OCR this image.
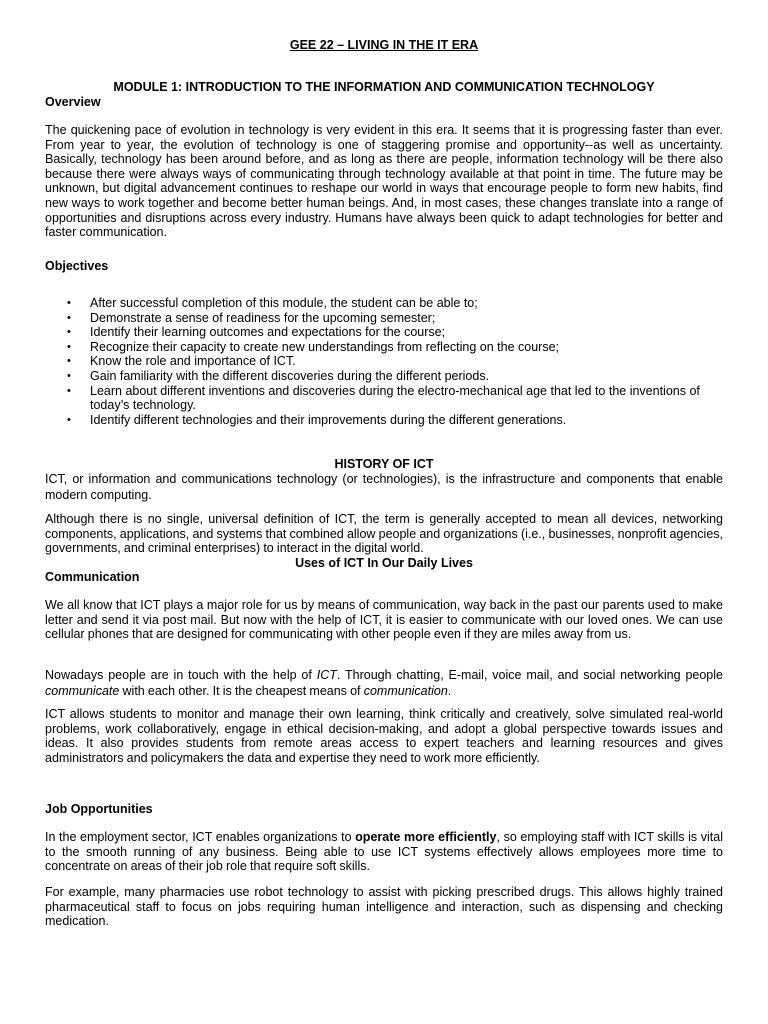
GEE 22 – LIVING IN THE IT ERA
MODULE 1: INTRODUCTION TO THE INFORMATION AND COMMUNICATION TECHNOLOGY
Overview

The quickening pace of evolution in technology is very evident in this era. It seems that it is progressing faster than ever. From year to year, the evolution of technology is one of staggering promise and opportunity--as well as uncertainty. Basically, technology has been around before, and as long as there are people, information technology will be there also because there were always ways of communicating through technology available at that point in time. The future may be unknown, but digital advancement continues to reshape our world in ways that encourage people to form new habits, find new ways to work together and become better human beings. And, in most cases, these changes translate into a range of opportunities and disruptions across every industry. Humans have always been quick to adapt technologies for better and faster communication.

Objectives
• After successful completion of this module, the student can be able to;
• Demonstrate a sense of readiness for the upcoming semester;
• Identify their learning outcomes and expectations for the course;
• Recognize their capacity to create new understandings from reflecting on the course;
• Know the role and importance of ICT.
• Gain familiarity with the different discoveries during the different periods.
• Learn about different inventions and discoveries during the electro-mechanical age that led to the inventions of today’s technology.
• Identify different technologies and their improvements during the different generations.
HISTORY OF ICT

ICT, or information and communications technology (or technologies), is the infrastructure and components that enable modern computing.

Although there is no single, universal definition of ICT, the term is generally accepted to mean all devices, networking components, applications, and systems that combined allow people and organizations (i.e., businesses, nonprofit agencies, governments, and criminal enterprises) to interact in the digital world.

Uses of ICT In Our Daily Lives
Communication

We all know that ICT plays a major role for us by means of communication, way back in the past our parents used to make letter and send it via post mail. But now with the help of ICT, it is easier to communicate with our loved ones. We can use cellular phones that are designed for communicating with other people even if they are miles away from us.

Nowadays people are in touch with the help of ICT. Through chatting, E-mail, voice mail, and social networking people communicate with each other. It is the cheapest means of communication.

ICT allows students to monitor and manage their own learning, think critically and creatively, solve simulated real-world problems, work collaboratively, engage in ethical decision-making, and adopt a global perspective towards issues and ideas. It also provides students from remote areas access to expert teachers and learning resources and gives administrators and policymakers the data and expertise they need to work more efficiently.

Job Opportunities

In the employment sector, ICT enables organizations to operate more efficiently, so employing staff with ICT skills is vital to the smooth running of any business. Being able to use ICT systems effectively allows employees more time to concentrate on areas of their job role that require soft skills.

For example, many pharmacies use robot technology to assist with picking prescribed drugs. This allows highly trained pharmaceutical staff to focus on jobs requiring human intelligence and interaction, such as dispensing and checking medication.
